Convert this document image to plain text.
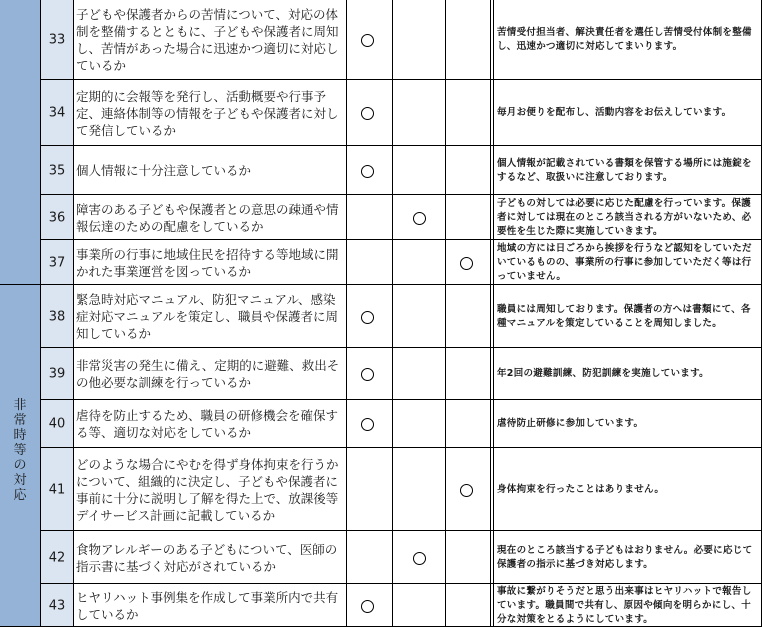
非
常
時
等
の
対
応
33
子どもや保護者からの苦情について、対応の体制を整備するとともに、子どもや保護者に周知し、苦情があった場合に迅速かつ適切に対応しているか
苦情受付担当者、解決責任者を選任し苦情受付体制を整備し、迅速かつ適切に対応してまいります。
34
定期的に会報等を発行し、活動概要や行事予定、連絡体制等の情報を子どもや保護者に対して発信しているか
毎月お便りを配布し、活動内容をお伝えしています。
35 個人情報に十分注意しているか	個人情報が記載されている書類を保管する場所には施錠をするなど、取扱いに注意しております。
36
障害のある子どもや保護者との意思の疎通や情報伝達のための配慮をしているか
子どもの対しては必要に応じた配慮を行っています。保護者に対しては現在のところ該当される方がいないため、必要性を生じた際に実施していきます。
37
事業所の行事に地域住民を招待する等地域に開かれた事業運営を図っているか
地域の方には日ごろから挨拶を行うなど認知をしていただいているものの、事業所の行事に参加していただく等は行っていません。
38
緊急時対応マニュアル、防犯マニュアル、感染症対応マニュアルを策定し、職員や保護者に周知しているか
職員には周知しております。保護者の方へは書類にて、各種マニュアルを策定していることを周知しました。
39
非常災害の発生に備え、定期的に避難、救出その他必要な訓練を行っているか
年2回の避難訓練、防犯訓練を実施しています。
40
虐待を防止するため、職員の研修機会を確保する等、適切な対応をしているか
虐待防止研修に参加しています。
41
どのような場合にやむを得ず身体拘束を行うかについて、組織的に決定し、子どもや保護者に事前に十分に説明し了解を得た上で、放課後等デイサービス計画に記載しているか
身体拘束を行ったことはありません。
42
食物アレルギーのある子どもについて、医師の指示書に基づく対応がされているか
現在のところ該当する子どもはおりません。必要に応じて保護者の指示に基づき対応します。
43
ヒヤリハット事例集を作成して事業所内で共有しているか
事故に繋がりそうだと思う出来事はヒヤリハットで報告しています。職員間で共有し、原因や傾向を明らかにし、十分な対策をとるようにしています。
